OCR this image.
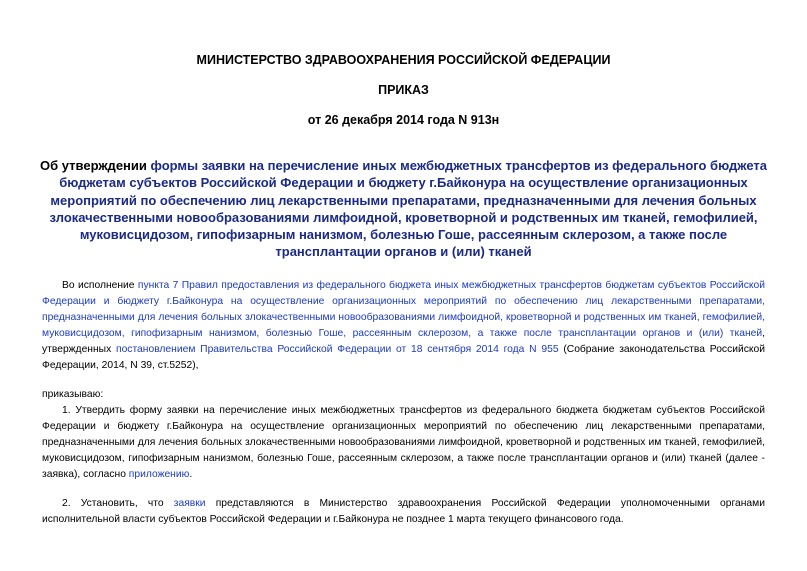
МИНИСТЕРСТВО ЗДРАВООХРАНЕНИЯ РОССИЙСКОЙ ФЕДЕРАЦИИ
ПРИКАЗ
от 26 декабря 2014 года N 913н
Об утверждении формы заявки на перечисление иных межбюджетных трансфертов из федерального бюджета бюджетам субъектов Российской Федерации и бюджету г.Байконура на осуществление организационных мероприятий по обеспечению лиц лекарственными препаратами, предназначенными для лечения больных злокачественными новообразованиями лимфоидной, кроветворной и родственных им тканей, гемофилией, муковисцидозом, гипофизарным нанизмом, болезнью Гоше, рассеянным склерозом, а также после трансплантации органов и (или) тканей
Во исполнение пункта 7 Правил предоставления из федерального бюджета иных межбюджетных трансфертов бюджетам субъектов Российской Федерации и бюджету г.Байконура на осуществление организационных мероприятий по обеспечению лиц лекарственными препаратами, предназначенными для лечения больных злокачественными новообразованиями лимфоидной, кроветворной и родственных им тканей, гемофилией, муковисцидозом, гипофизарным нанизмом, болезнью Гоше, рассеянным склерозом, а также после трансплантации органов и (или) тканей, утвержденных постановлением Правительства Российской Федерации от 18 сентября 2014 года N 955 (Собрание законодательства Российской Федерации, 2014, N 39, ст.5252),
приказываю:
1. Утвердить форму заявки на перечисление иных межбюджетных трансфертов из федерального бюджета бюджетам субъектов Российской Федерации и бюджету г.Байконура на осуществление организационных мероприятий по обеспечению лиц лекарственными препаратами, предназначенными для лечения больных злокачественными новообразованиями лимфоидной, кроветворной и родственных им тканей, гемофилией, муковисцидозом, гипофизарным нанизмом, болезнью Гоше, рассеянным склерозом, а также после трансплантации органов и (или) тканей (далее - заявка), согласно приложению.
2. Установить, что заявки представляются в Министерство здравоохранения Российской Федерации уполномоченными органами исполнительной власти субъектов Российской Федерации и г.Байконура не позднее 1 марта текущего финансового года.
